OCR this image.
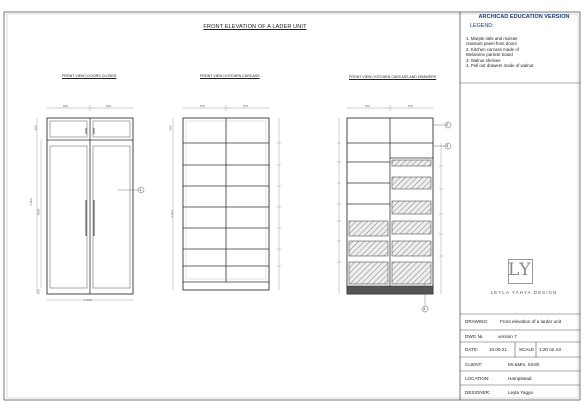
FRONT ELEVATION OF A LADER UNIT
FRONT VIEW | DOORS CLOSED	FRONT VIEW | KITCHEN CARCASS	FRONT VIEW | KITCHEN CARCASS AND DRAWERS
600	600
385
1800
2,200
150
1,200
570	570
600
2,184
570	570
1
2
3
4
ARCHICAD EDUCATION VERSION
LEGEND:
1. Marple rails and moister
resistant panel front doors
2. Kitchen carcass made of
Melamine particle board
3. Walnut shelves
4. Pull out drawers made of walnut
LY
LEYLA YAHYA DESIGN
DRAWING:	Front elevation of a larder unit
DWG №	version 7
DATE: 10.09.21	SCALE 1:20 on A3
CLIENT:	Mr.&Mrs. Smith
LOCATION:	Hampstead
DESIGNER:	Leyla Yagya
